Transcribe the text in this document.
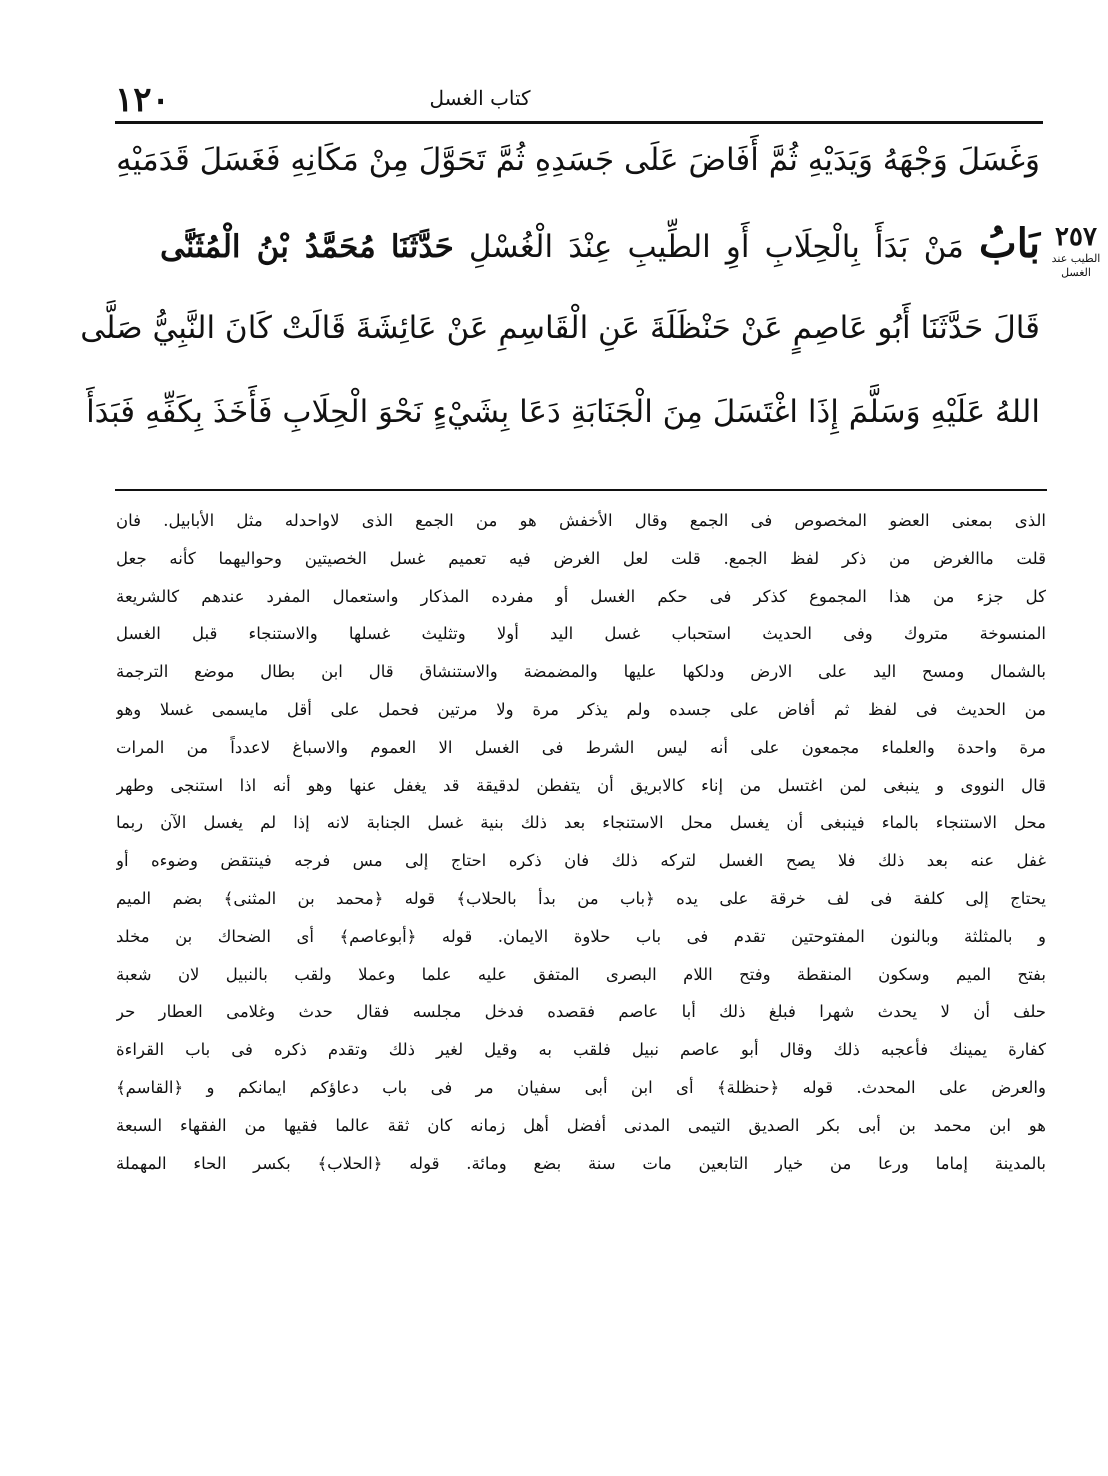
١٢٠	كتاب الغسل
وَغَسَلَ وَجْهَهُ وَيَدَيْهِ ثُمَّ أَفَاضَ عَلَى جَسَدِهِ ثُمَّ تَحَوَّلَ مِنْ مَكَانِهِ فَغَسَلَ قَدَمَيْهِ
بَابُ مَنْ بَدَأَ بِالْحِلَابِ أَوِ الطِّيبِ عِنْدَ الْغُسْلِ حَدَّثَنَا مُحَمَّدُ بْنُ الْمُثَنَّى
قَالَ حَدَّثَنَا أَبُو عَاصِمٍ عَنْ حَنْظَلَةَ عَنِ الْقَاسِمِ عَنْ عَائِشَةَ قَالَتْ كَانَ النَّبِيُّ صَلَّى
اللهُ عَلَيْهِ وَسَلَّمَ إِذَا اغْتَسَلَ مِنَ الْجَنَابَةِ دَعَا بِشَيْءٍ نَحْوَ الْحِلَابِ فَأَخَذَ بِكَفِّهِ فَبَدَأَ
٢٥٧
الطيب عند الغسل
الذى بمعنى العضو المخصوص فى الجمع وقال الأخفش هو من الجمع الذى لاواحدله مثل الأبابيل. فان
قلت ماالغرض من ذكر لفظ الجمع. قلت لعل الغرض فيه تعميم غسل الخصيتين وحواليهما كأنه جعل
كل جزء من هذا المجموع كذكر فى حكم الغسل أو مفرده المذكار واستعمال المفرد عندهم كالشريعة
المنسوخة متروك وفى الحديث استحباب غسل اليد أولا وتثليث غسلها والاستنجاء قبل الغسل
بالشمال ومسح اليد على الارض ودلكها عليها والمضمضة والاستنشاق قال ابن بطال موضع الترجمة
من الحديث فى لفظ ثم أفاض على جسده ولم يذكر مرة ولا مرتين فحمل على أقل مايسمى غسلا وهو
مرة واحدة والعلماء مجمعون على أنه ليس الشرط فى الغسل الا العموم والاسباغ لاعدداً من المرات
قال النووى و ينبغى لمن اغتسل من إناء كالابريق أن يتفطن لدقيقة قد يغفل عنها وهو أنه اذا استنجى وطهر
محل الاستنجاء بالماء فينبغى أن يغسل محل الاستنجاء بعد ذلك بنية غسل الجنابة لانه إذا لم يغسل الآن ربما
غفل عنه بعد ذلك فلا يصح الغسل لتركه ذلك فان ذكره احتاج إلى مس فرجه فينتقض وضوءه أو
يحتاج إلى كلفة فى لف خرقة على يده ﴿باب من بدأ بالحلاب﴾ قوله ﴿محمد بن المثنى﴾ بضم الميم
و بالمثلثة وبالنون المفتوحتين تقدم فى باب حلاوة الايمان. قوله ﴿أبوعاصم﴾ أى الضحاك بن مخلد
بفتح الميم وسكون المنقطة وفتح اللام البصرى المتفق عليه علما وعملا ولقب بالنبيل لان شعبة
حلف أن لا يحدث شهرا فبلغ ذلك أبا عاصم فقصده فدخل مجلسه فقال حدث وغلامى العطار حر
كفارة يمينك فأعجبه ذلك وقال أبو عاصم نبيل فلقب به وقيل لغير ذلك وتقدم ذكره فى باب القراءة
والعرض على المحدث. قوله ﴿حنظلة﴾ أى ابن أبى سفيان مر فى باب دعاؤكم ايمانكم و ﴿القاسم﴾
هو ابن محمد بن أبى بكر الصديق التيمى المدنى أفضل أهل زمانه كان ثقة عالما فقيها من الفقهاء السبعة
بالمدينة إماما ورعا من خيار التابعين مات سنة بضع ومائة. قوله ﴿الحلاب﴾ بكسر الحاء المهملة
